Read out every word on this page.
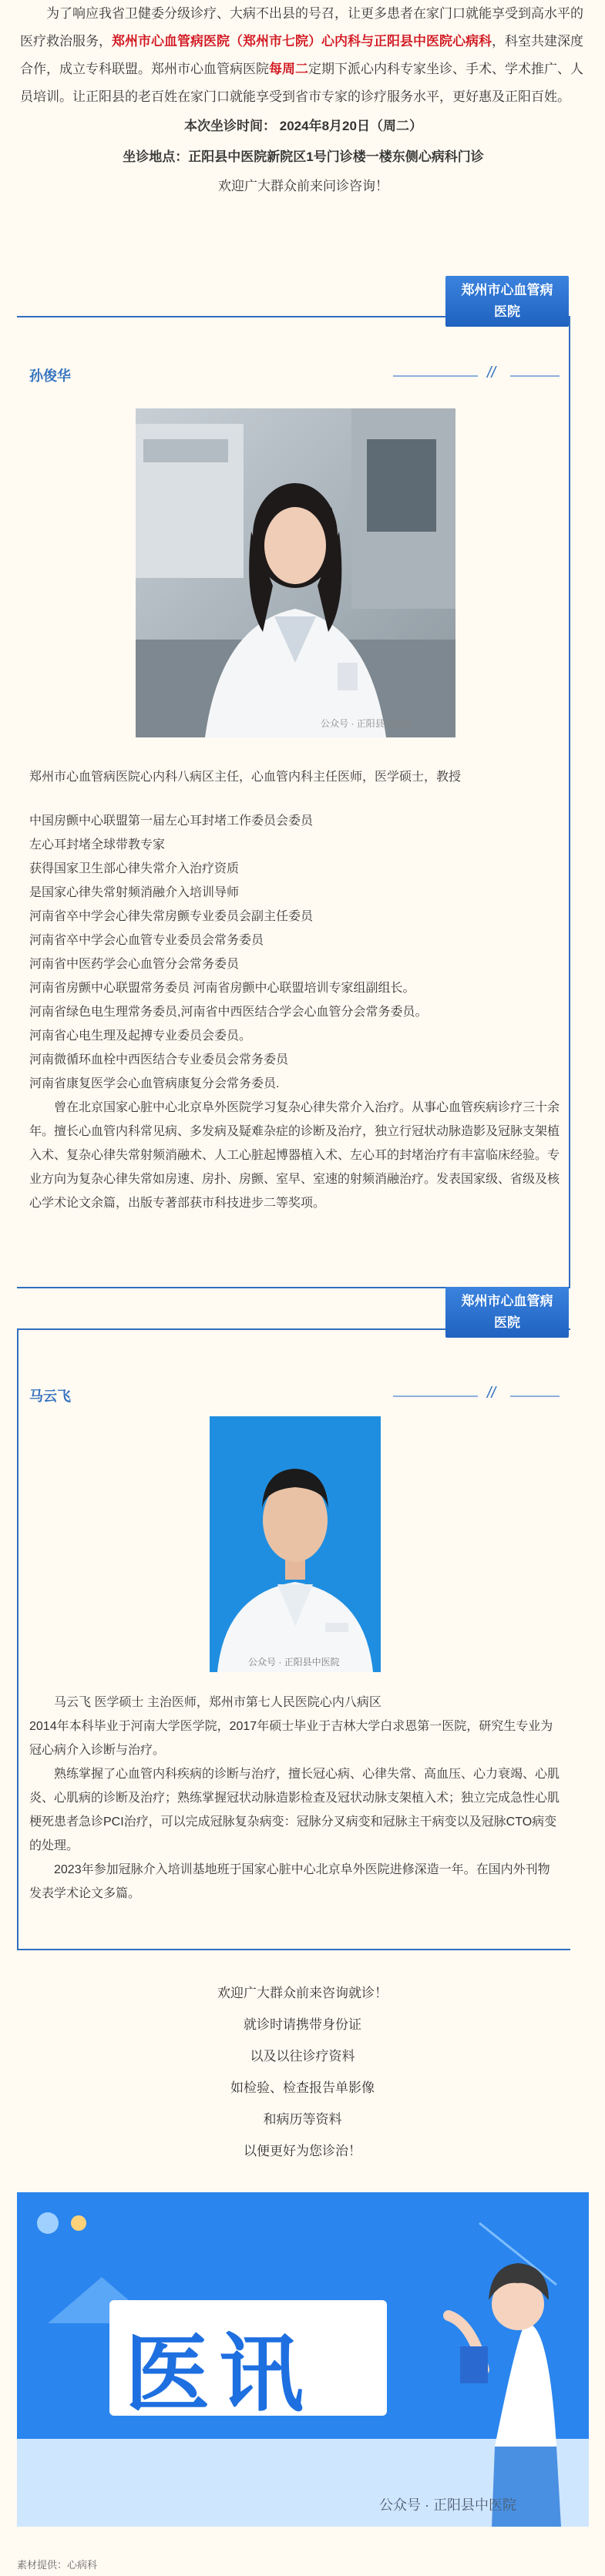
为了响应我省卫健委分级诊疗、大病不出县的号召，让更多患者在家门口就能享受到高水平的医疗救治服务，郑州市心血管病医院（郑州市七院）心内科与正阳县中医院心病科，科室共建深度合作，成立专科联盟。郑州市心血管病医院每周二定期下派心内科专家坐诊、手术、学术推广、人员培训。让正阳县的老百姓在家门口就能享受到省市专家的诊疗服务水平，更好惠及正阳百姓。

本次坐诊时间： 2024年8月20日（周二）

坐诊地点：正阳县中医院新院区1号门诊楼一楼东侧心病科门诊

欢迎广大群众前来问诊咨询！

郑州市心血管病医院
孙俊华	//
公众号 · 正阳县中医院

郑州市心血管病医院心内科八病区主任，心血管内科主任医师，医学硕士，教授

中国房颤中心联盟第一届左心耳封堵工作委员会委员

左心耳封堵全球带教专家

获得国家卫生部心律失常介入治疗资质

是国家心律失常射频消融介入培训导师

河南省卒中学会心律失常房颤专业委员会副主任委员

河南省卒中学会心血管专业委员会常务委员

河南省中医药学会心血管分会常务委员

河南省房颤中心联盟常务委员 河南省房颤中心联盟培训专家组副组长。

河南省绿色电生理常务委员,河南省中西医结合学会心血管分会常务委员。

河南省心电生理及起搏专业委员会委员。

河南微循环血栓中西医结合专业委员会常务委员

河南省康复医学会心血管病康复分会常务委员.

曾在北京国家心脏中心北京阜外医院学习复杂心律失常介入治疗。从事心血管疾病诊疗三十余年。擅长心血管内科常见病、多发病及疑难杂症的诊断及治疗，独立行冠状动脉造影及冠脉支架植入术、复杂心律失常射频消融术、人工心脏起博器植入术、左心耳的封堵治疗有丰富临床经验。专业方向为复杂心律失常如房速、房扑、房颤、室早、室速的射频消融治疗。发表国家级、省级及核心学术论文余篇，出版专著部获市科技进步二等奖项。

郑州市心血管病医院
马云飞	//
公众号 · 正阳县中医院

马云飞 医学硕士 主治医师，郑州市第七人民医院心内八病区

2014年本科毕业于河南大学医学院，2017年硕士毕业于吉林大学白求恩第一医院，研究生专业为冠心病介入诊断与治疗。

熟练掌握了心血管内科疾病的诊断与治疗，擅长冠心病、心律失常、高血压、心力衰竭、心肌炎、心肌病的诊断及治疗；熟练掌握冠状动脉造影检查及冠状动脉支架植入术；独立完成急性心肌梗死患者急诊PCI治疗，可以完成冠脉复杂病变：冠脉分叉病变和冠脉主干病变以及冠脉CTO病变的处理。

2023年参加冠脉介入培训基地班于国家心脏中心北京阜外医院进修深造一年。在国内外刊物发表学术论文多篇。

欢迎广大群众前来咨询就诊！

就诊时请携带身份证

以及以往诊疗资料

如检验、检查报告单影像

和病历等资料

以便更好为您诊治！

医讯
公众号 · 正阳县中医院
素材提供：心病科
